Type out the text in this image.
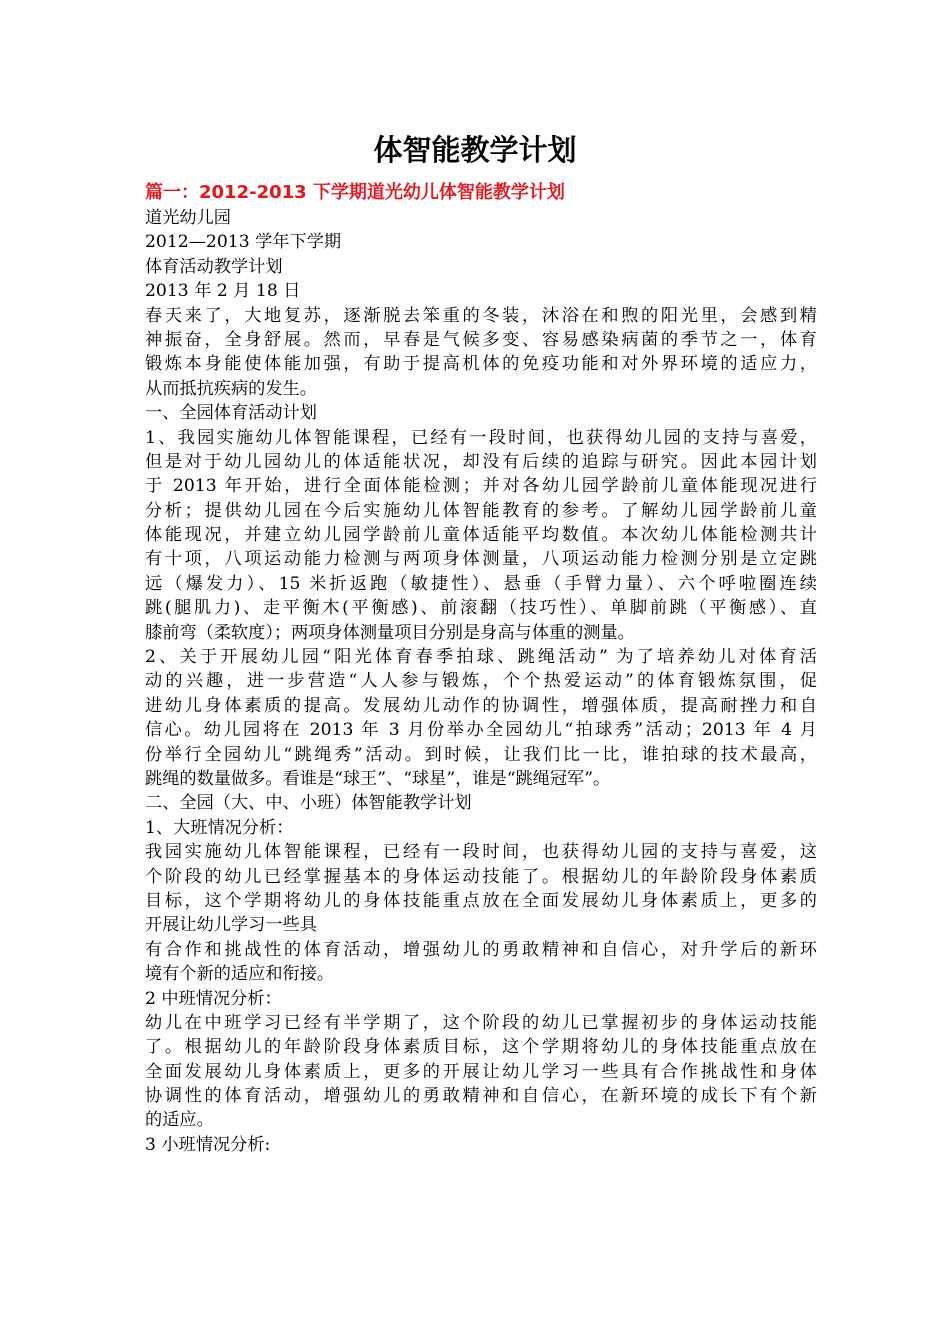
体智能教学计划
篇一：2012-2013 下学期道光幼儿体智能教学计划

道光幼儿园

2012—2013 学年下学期

体育活动教学计划

2013 年 2 月 18 日

春天来了，大地复苏，逐渐脱去笨重的冬装，沐浴在和煦的阳光里，会感到精

神振奋，全身舒展。然而，早春是气候多变、容易感染病菌的季节之一，体育

锻炼本身能使体能加强，有助于提高机体的免疫功能和对外界环境的适应力，

从而抵抗疾病的发生。

一、全园体育活动计划

1、我园实施幼儿体智能课程，已经有一段时间，也获得幼儿园的支持与喜爱，

但是对于幼儿园幼儿的体适能状况，却没有后续的追踪与研究。因此本园计划

于 2013 年开始，进行全面体能检测；并对各幼儿园学龄前儿童体能现况进行

分析；提供幼儿园在今后实施幼儿体智能教育的参考。了解幼儿园学龄前儿童

体能现况，并建立幼儿园学龄前儿童体适能平均数值。本次幼儿体能检测共计

有十项，八项运动能力检测与两项身体测量，八项运动能力检测分别是立定跳

远（爆发力）、15 米折返跑（敏捷性）、悬垂（手臂力量）、六个呼啦圈连续

跳(腿肌力)、走平衡木(平衡感)、前滚翻（技巧性）、单脚前跳（平衡感）、直

膝前弯（柔软度）；两项身体测量项目分别是身高与体重的测量。

2、关于开展幼儿园“阳光体育春季拍球、跳绳活动” 为了培养幼儿对体育活

动的兴趣，进一步营造“人人参与锻炼，个个热爱运动”的体育锻炼氛围，促

进幼儿身体素质的提高。发展幼儿动作的协调性，增强体质，提高耐挫力和自

信心。幼儿园将在 2013 年 3 月份举办全园幼儿“拍球秀”活动；2013 年 4 月

份举行全园幼儿“跳绳秀”活动。到时候，让我们比一比，谁拍球的技术最高，

跳绳的数量做多。看谁是“球王”、“球星”，谁是“跳绳冠军”。

二、全园（大、中、小班）体智能教学计划

1、大班情况分析：

我园实施幼儿体智能课程，已经有一段时间，也获得幼儿园的支持与喜爱，这

个阶段的幼儿已经掌握基本的身体运动技能了。根据幼儿的年龄阶段身体素质

目标，这个学期将幼儿的身体技能重点放在全面发展幼儿身体素质上，更多的

开展让幼儿学习一些具

有合作和挑战性的体育活动，增强幼儿的勇敢精神和自信心，对升学后的新环

境有个新的适应和衔接。

2 中班情况分析：

幼儿在中班学习已经有半学期了，这个阶段的幼儿已掌握初步的身体运动技能

了。根据幼儿的年龄阶段身体素质目标，这个学期将幼儿的身体技能重点放在

全面发展幼儿身体素质上，更多的开展让幼儿学习一些具有合作挑战性和身体

协调性的体育活动，增强幼儿的勇敢精神和自信心，在新环境的成长下有个新

的适应。

3 小班情况分析:
